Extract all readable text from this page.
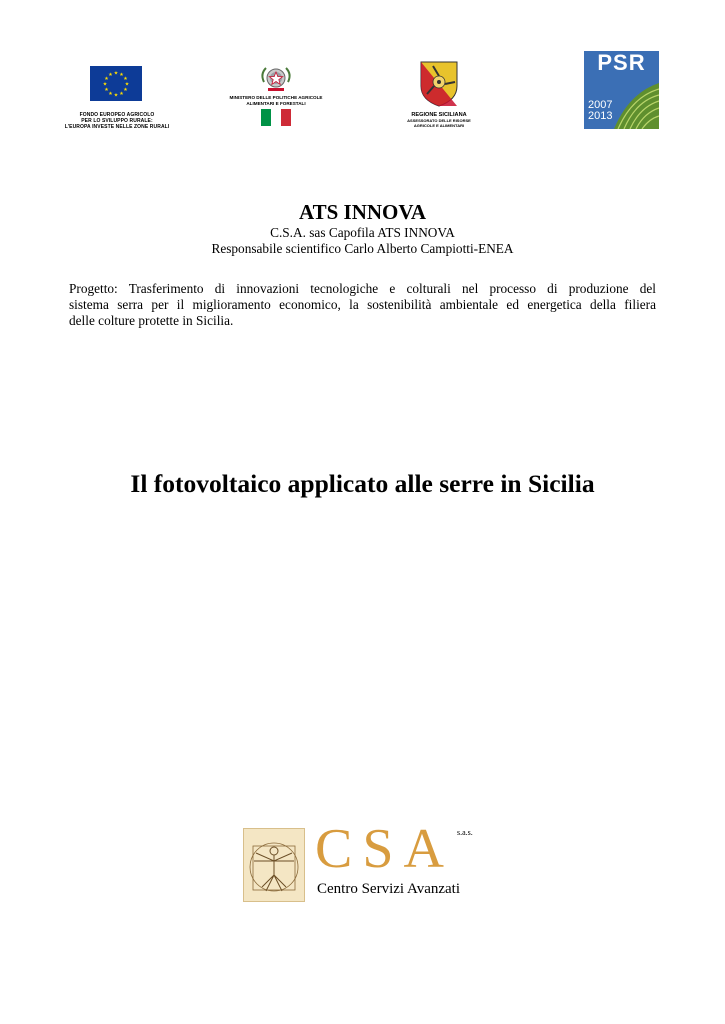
★ ★
★
★
★
★
★
★
★
★
★
★
FONDO EUROPEO AGRICOLO
PER LO SVILUPPO RURALE:
L'EUROPA INVESTE NELLE ZONE RURALI
MINISTERO DELLE POLITICHE AGRICOLE
ALIMENTARI E FORESTALI
REGIONE SICILIANA
ASSESSORATO DELLE RISORSE
AGRICOLE E ALIMENTARI
PSR
2007
2013
ATS INNOVA
C.S.A. sas Capofila ATS INNOVA
Responsabile scientifico Carlo Alberto Campiotti-ENEA
Progetto: Trasferimento di innovazioni tecnologiche e colturali nel processo di produzione del
sistema serra per il miglioramento economico, la sostenibilità ambientale ed energetica della filiera
delle colture protette in Sicilia.
Il fotovoltaico applicato alle serre in Sicilia
CSA s.a.s.
Centro Servizi Avanzati
